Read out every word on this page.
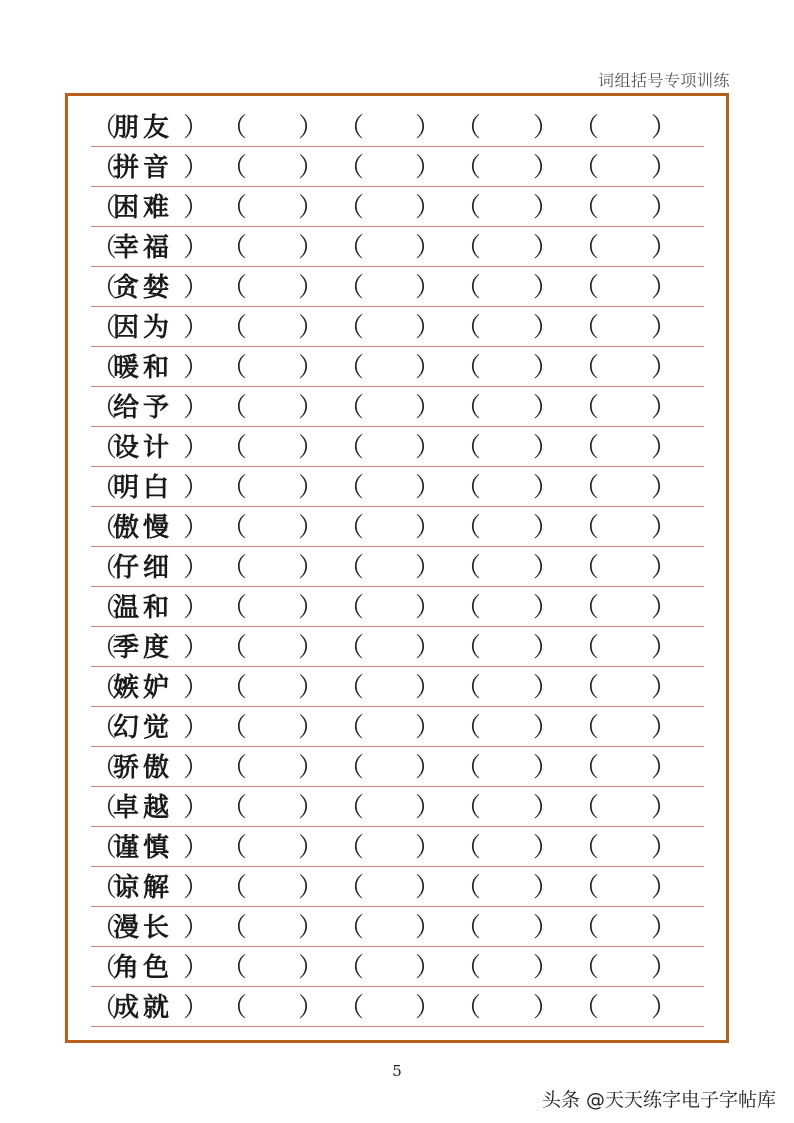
词组括号专项训练
（
朋友 ） （ ） （ ） （ ） （ ）
（
拼音 ） （ ） （ ） （ ） （ ）
（
困难 ） （ ） （ ） （ ） （ ）
（
幸福 ） （ ） （ ） （ ） （ ）
（
贪婪 ） （ ） （ ） （ ） （ ）
（
因为 ） （ ） （ ） （ ） （ ）
（
暖和 ） （ ） （ ） （ ） （ ）
（
给予 ） （ ） （ ） （ ） （ ）
（
设计 ） （ ） （ ） （ ） （ ）
（
明白 ） （ ） （ ） （ ） （ ）
（
傲慢 ） （ ） （ ） （ ） （ ）
（
仔细 ） （ ） （ ） （ ） （ ）
（
温和 ） （ ） （ ） （ ） （ ）
（
季度 ） （ ） （ ） （ ） （ ）
（
嫉妒 ） （ ） （ ） （ ） （ ）
（
幻觉 ） （ ） （ ） （ ） （ ）
（
骄傲 ） （ ） （ ） （ ） （ ）
（
卓越 ） （ ） （ ） （ ） （ ）
（
谨慎 ） （ ） （ ） （ ） （ ）
（
谅解 ） （ ） （ ） （ ） （ ）
（
漫长 ） （ ） （ ） （ ） （ ）
（
角色 ） （ ） （ ） （ ） （ ）
（
成就 ） （ ） （ ） （ ） （ ）
5
头条 @天天练字电子字帖库
